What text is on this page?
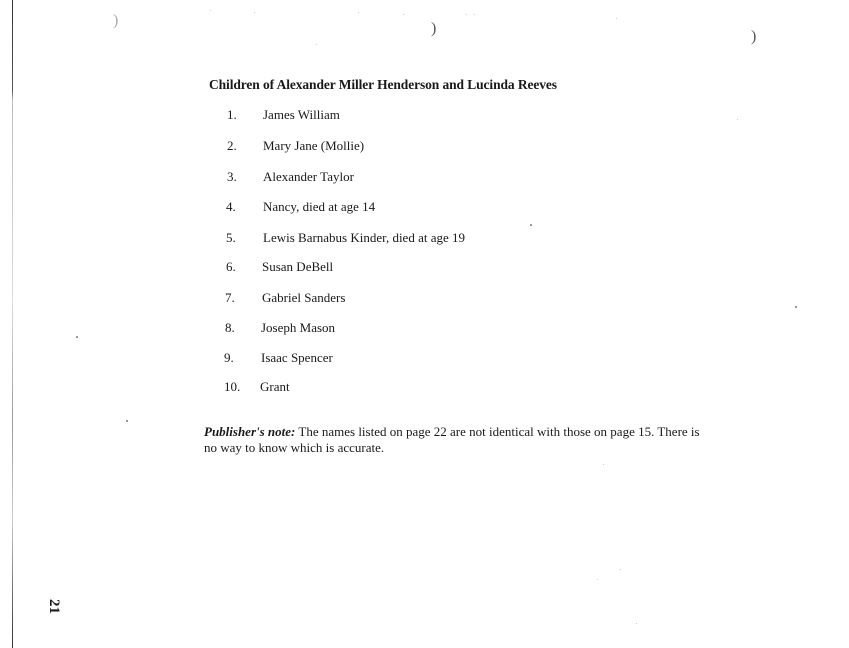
)	)	)
Children of Alexander Miller Henderson and Lucinda Reeves
1. James William
2. Mary Jane (Mollie)
3. Alexander Taylor
4. Nancy, died at age 14
5. Lewis Barnabus Kinder, died at age 19
6. Susan DeBell
7. Gabriel Sanders
8. Joseph Mason
9. Isaac Spencer
10. Grant
Publisher's note: The names listed on page 22 are not identical with those on page 15. There is no way to know which is accurate.
21
